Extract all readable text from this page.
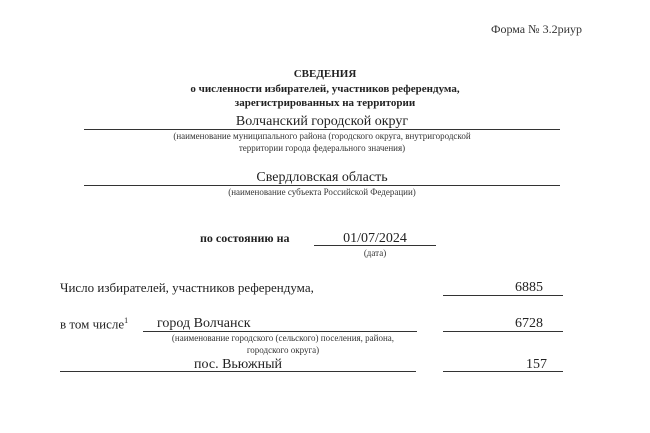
Форма № 3.2риур
СВЕДЕНИЯ
о численности избирателей, участников референдума,
зарегистрированных на территории
Волчанский городской округ
(наименование муниципального района (городского округа, внутригородской
территории города федерального значения)
Свердловская область
(наименование субъекта Российской Федерации)
по состоянию на	01/07/2024
(дата)
Число избирателей, участников референдума,	6885
в том числе$^1$	город Волчанск	6728
(наименование городского (сельского) поселения, района,
городского округа)
пос. Вьюжный	157
